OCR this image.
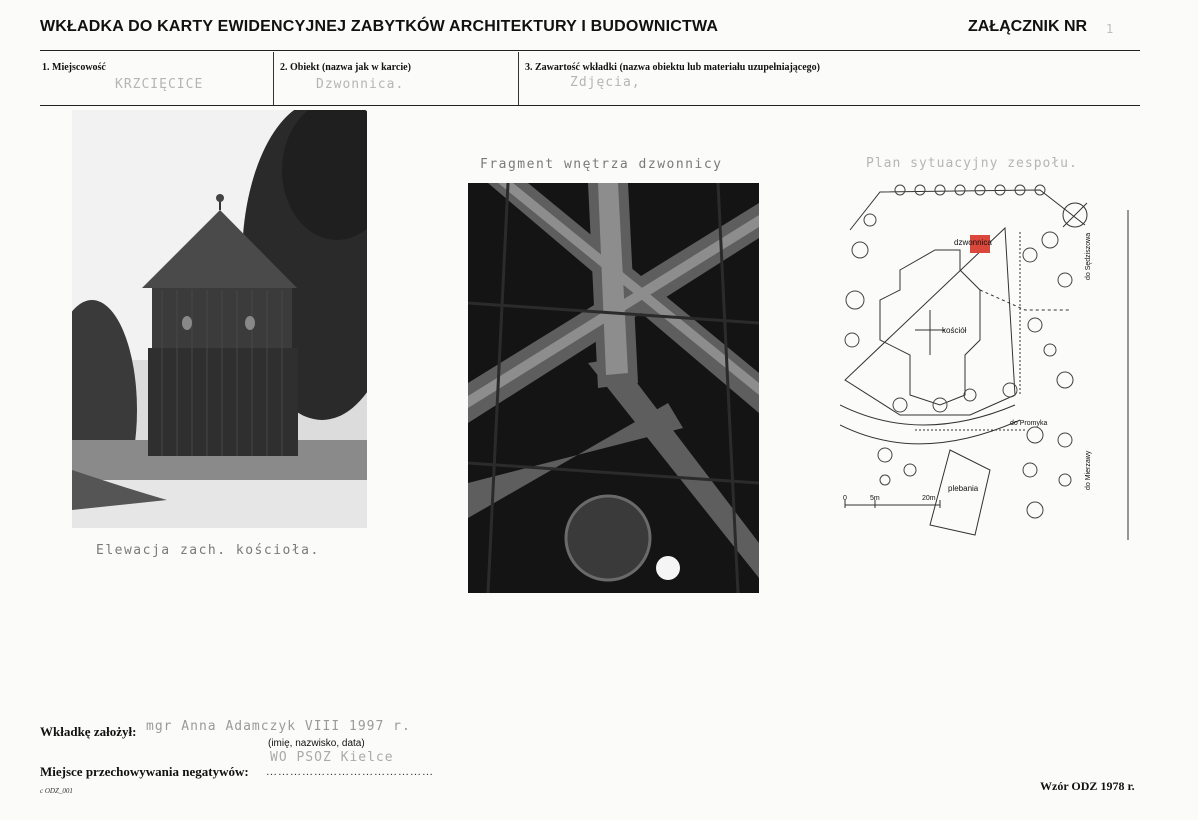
WKŁADKA DO KARTY EWIDENCYJNEJ ZABYTKÓW ARCHITEKTURY I BUDOWNICTWA	ZAŁĄCZNIK NR 1
1. Miejscowość
KRZCIĘCICE
2. Obiekt (nazwa jak w karcie)
Dzwonnica.
3. Zawartość wkładki (nazwa obiektu lub materiału uzupełniającego)
Zdjęcia,
Elewacja zach. kościoła.
Fragment wnętrza dzwonnicy	Plan sytuacyjny zespołu.
dzwonnica
kościół
plebania
do Promyka
do Sędziszowa
do Mierzawy
0	5m	20m
Wkładkę założył: mgr Anna Adamczyk VIII 1997 r.
(imię, nazwisko, data)
Miejsce przechowywania negatywów: ……………………………………
WO PSOZ Kielce
c ODZ_001	Wzór ODZ 1978 r.
